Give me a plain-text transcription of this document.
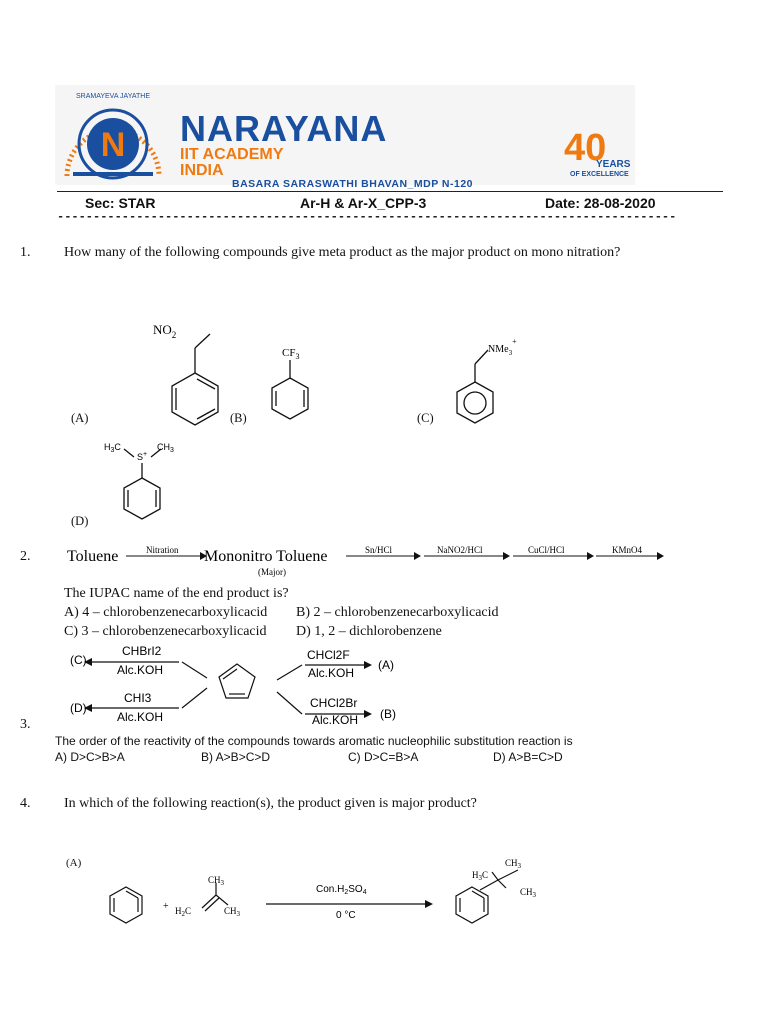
N
SRAMAYEVA JAYATHE
NARAYANA
IIT ACADEMY
INDIA
BASARA SARASWATHI BHAVAN_MDP N-120
40
YEARS
OF EXCELLENCE
Sec: STAR	Ar-H & Ar-X_CPP-3	Date: 28-08-2020
--------------------------------------------------------------------------------------
1. How many of the following compounds give meta product as the major product on mono nitration?
$NO_2$
$CF_3$
NMe$_3$+
$H_3C$
S+
$CH_3$
(A)	(B)	(C)
(D)
2. Toluene	Nitration Mononitro Toluene
(Major)
Sn/HCl	NaNO2/HCl	CuCl/HCl	KMnO4
The IUPAC name of the end product is?
A) 4 – chlorobenzenecarboxylicacid B) 2 – chlorobenzenecarboxylicacid
C) 3 – chlorobenzenecarboxylicacid D) 1, 2 – dichlorobenzene
3.
CHBrI2
Alc.KOH
(C)
CHI3
Alc.KOH
(D)
CHCl2F
Alc.KOH
(A)
CHCl2Br
Alc.KOH (B)
The order of the reactivity of the compounds towards aromatic nucleophilic substitution reaction is
A) D>C>B>A	B) A>B>C>D	C) D>C=B>A	D) A>B=C>D
4. In which of the following reaction(s), the product given is major product?
(A)
+ $H_2C$
$CH_3$
$CH_3$
$Con.H_2SO_4$
0 °C
$H_3C$
$CH_3$
$CH_3$
